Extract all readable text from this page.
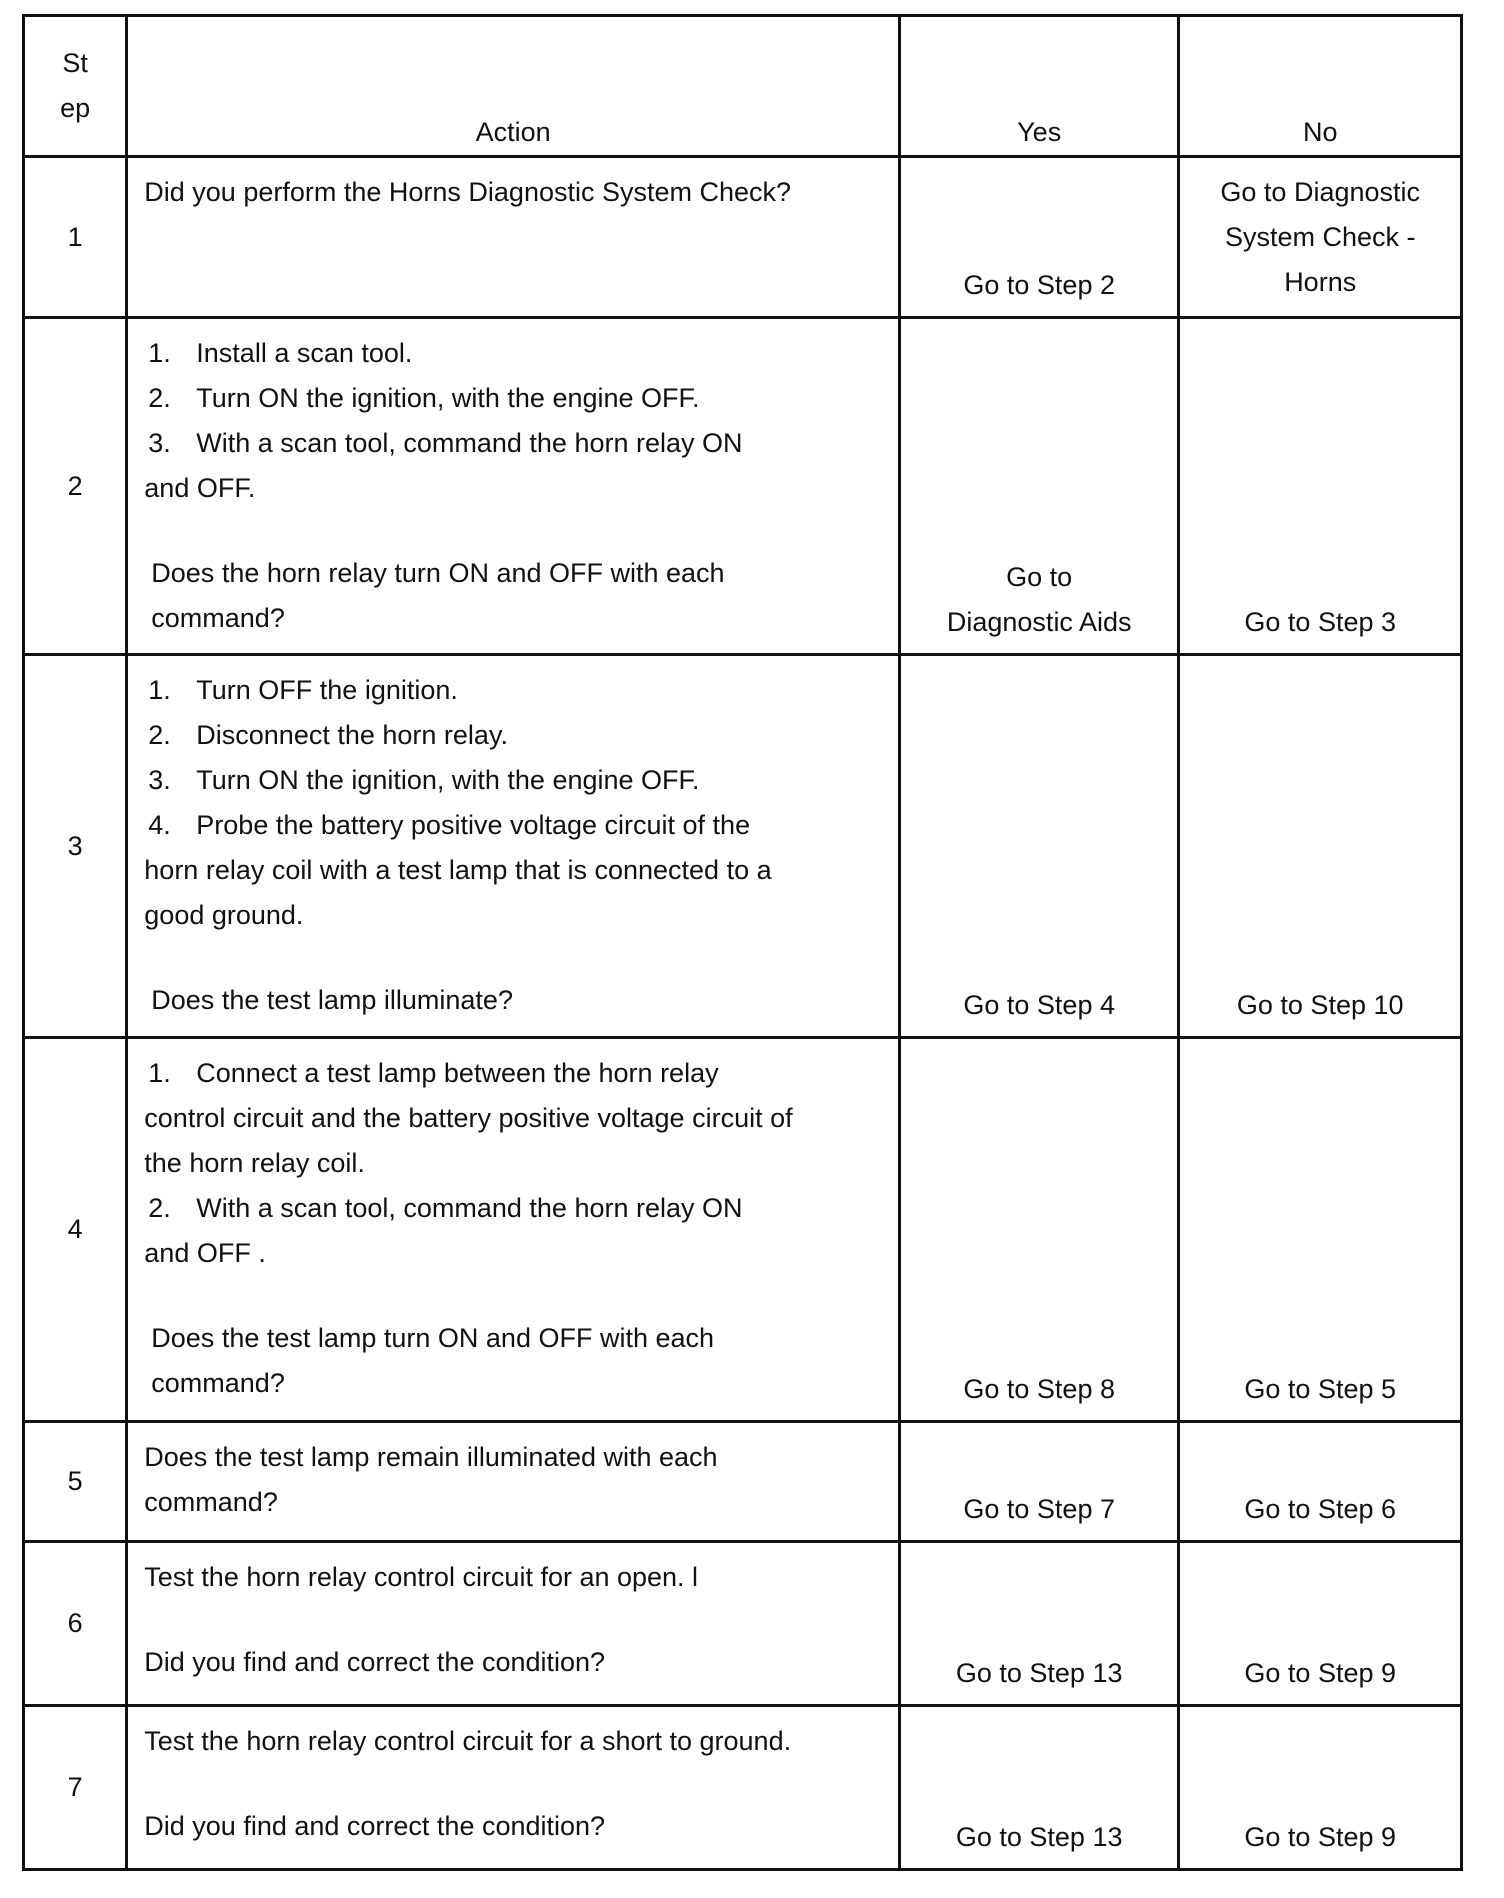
St
ep	Action	Yes	No
1	Did you perform the Horns Diagnostic System Check?	Go to Step 2	Go to Diagnostic System Check - Horns
2	1. Install a scan tool.
2. Turn ON the ignition, with the engine OFF.
3. With a scan tool, command the horn relay ON and OFF.
Does the horn relay turn ON and OFF with each command?	Go to Diagnostic Aids	Go to Step 3
3	1. Turn OFF the ignition.
2. Disconnect the horn relay.
3. Turn ON the ignition, with the engine OFF.
4. Probe the battery positive voltage circuit of the horn relay coil with a test lamp that is connected to a good ground.
Does the test lamp illuminate?	Go to Step 4	Go to Step 10
4	1. Connect a test lamp between the horn relay control circuit and the battery positive voltage circuit of the horn relay coil.
2. With a scan tool, command the horn relay ON and OFF .
Does the test lamp turn ON and OFF with each command?	Go to Step 8	Go to Step 5
5	Does the test lamp remain illuminated with each command?	Go to Step 7	Go to Step 6
6	Test the horn relay control circuit for an open. l
Did you find and correct the condition?	Go to Step 13	Go to Step 9
7	Test the horn relay control circuit for a short to ground.
Did you find and correct the condition?	Go to Step 13	Go to Step 9
